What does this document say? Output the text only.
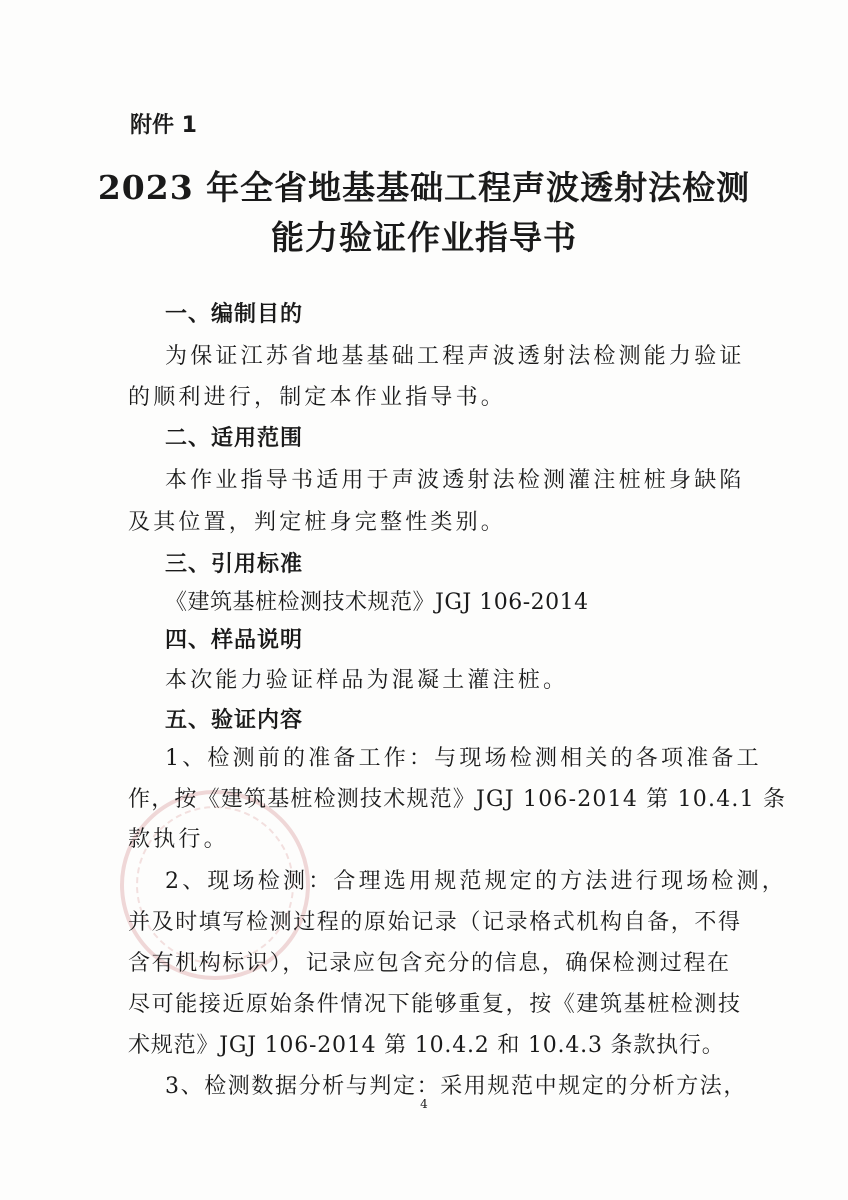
附件 1

2023 年全省地基基础工程声波透射法检测

能力验证作业指导书

一、编制目的

为保证江苏省地基基础工程声波透射法检测能力验证

的顺利进行，制定本作业指导书。

二、适用范围

本作业指导书适用于声波透射法检测灌注桩桩身缺陷

及其位置，判定桩身完整性类别。

三、引用标准

《建筑基桩检测技术规范》JGJ 106-2014

四、样品说明

本次能力验证样品为混凝土灌注桩。

五、验证内容

1、检测前的准备工作：与现场检测相关的各项准备工

作，按《建筑基桩检测技术规范》JGJ 106-2014 第 10.4.1 条

款执行。

2、现场检测：合理选用规范规定的方法进行现场检测，

并及时填写检测过程的原始记录（记录格式机构自备，不得

含有机构标识），记录应包含充分的信息，确保检测过程在

尽可能接近原始条件情况下能够重复，按《建筑基桩检测技

术规范》JGJ 106-2014 第 10.4.2 和 10.4.3 条款执行。

3、检测数据分析与判定：采用规范中规定的分析方法，

4
